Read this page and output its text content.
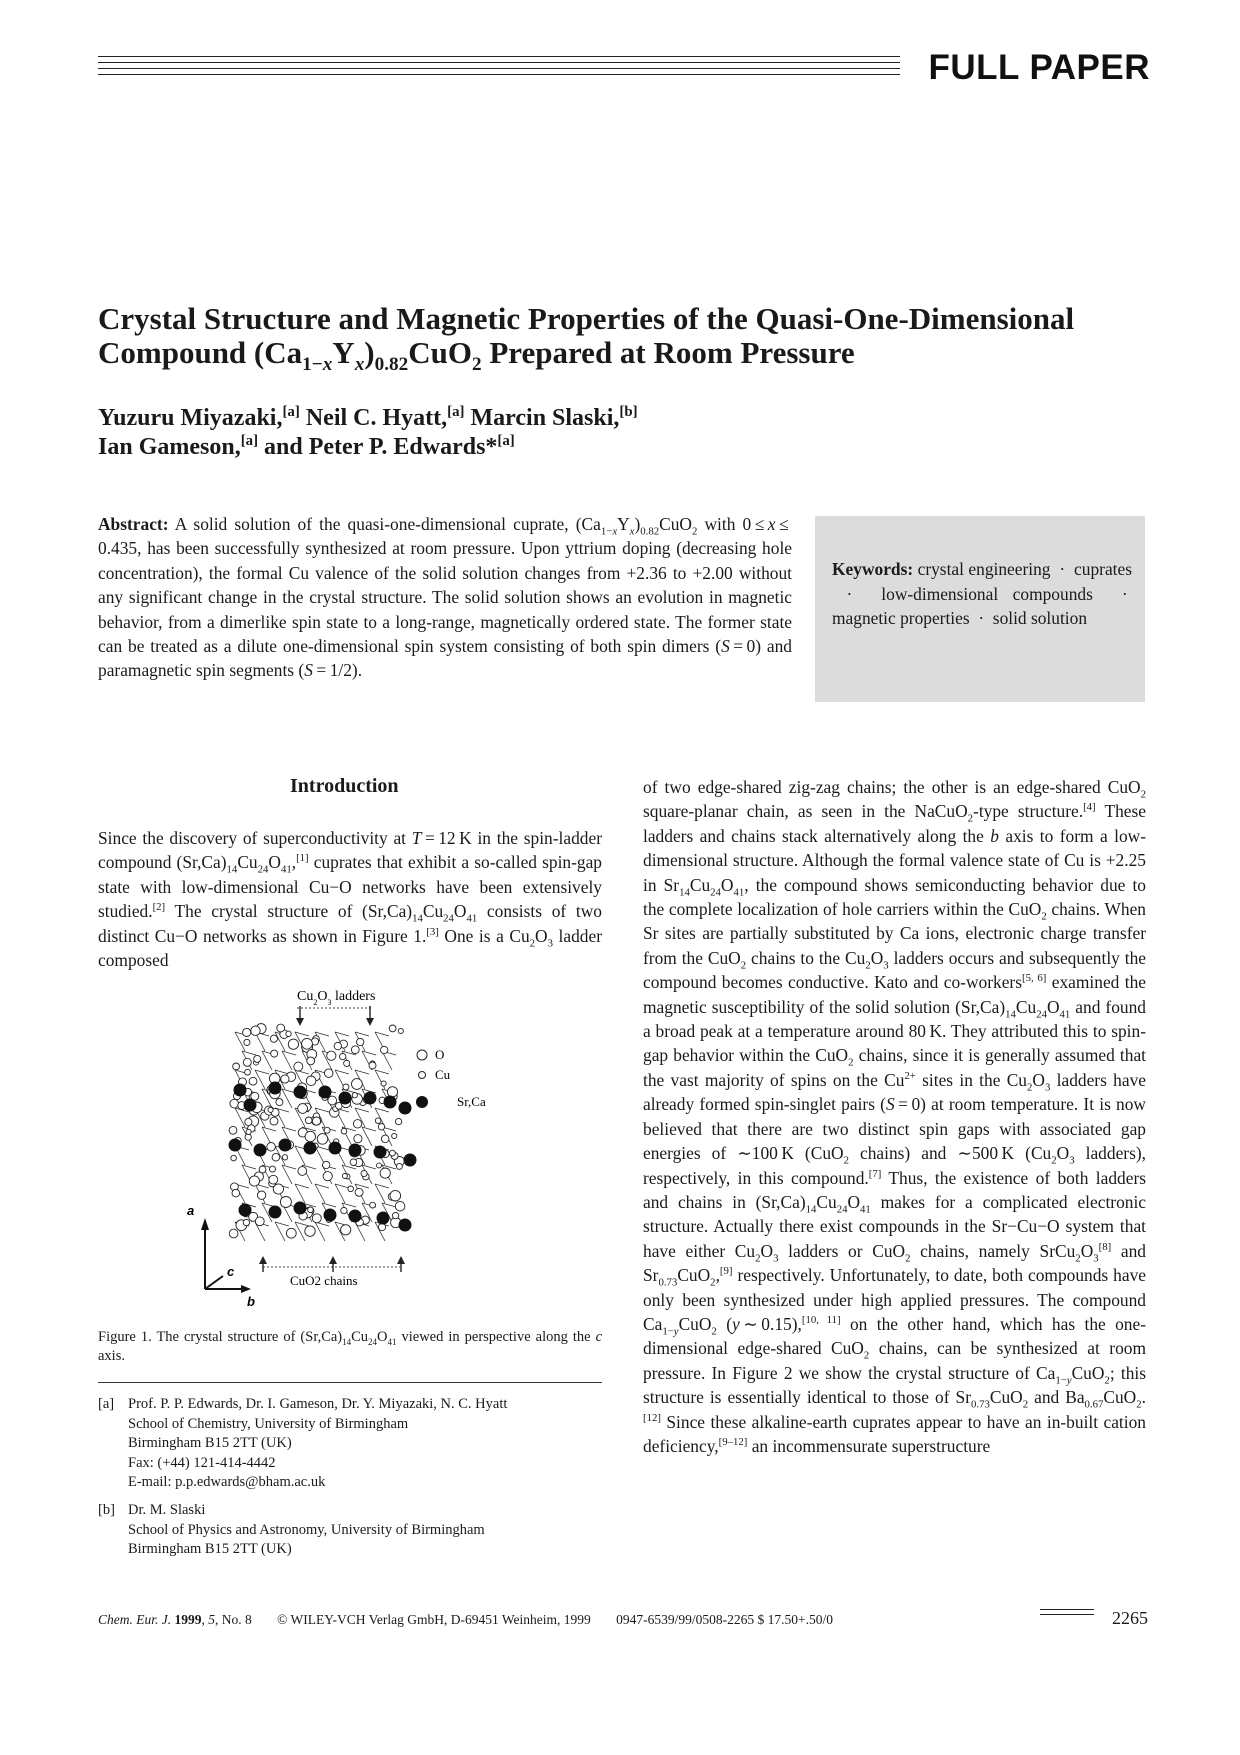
FULL PAPER
Crystal Structure and Magnetic Properties of the Quasi-One-Dimensional Compound $(Ca_{1-x}Y_x)_{0.82}CuO_2$ Prepared at Room Pressure
Yuzuru Miyazaki,[a] Neil C. Hyatt,[a] Marcin Slaski,[b]
Ian Gameson,[a] and Peter P. Edwards*[a]
Abstract: A solid solution of the quasi-one-dimensional cuprate, $(Ca_{1-x}Y_x)_{0.82}CuO_2$ with 0 ≤ x ≤ 0.435, has been successfully synthesized at room pressure. Upon yttrium doping (decreasing hole concentration), the formal Cu valence of the solid solution changes from +2.36 to +2.00 without any significant change in the crystal structure. The solid solution shows an evolution in magnetic behavior, from a dimerlike spin state to a long-range, magnetically ordered state. The former state can be treated as a dilute one-dimensional spin system consisting of both spin dimers (S = 0) and paramagnetic spin segments (S = 1/2).
Keywords: crystal engineering  ·  cuprates  ·  low-dimensional compounds  ·  magnetic properties  ·  solid solution
Introduction
Since the discovery of superconductivity at T = 12 K in the spin-ladder compound $(Sr,Ca)_{14}Cu_{24}O_{41},[1]$ cuprates that exhibit a so-called spin-gap state with low-dimensional Cu−O networks have been extensively studied.[2] The crystal structure of $(Sr,Ca)_{14}Cu_{24}O_{41}$ consists of two distinct Cu−O networks as shown in Figure 1.[3] One is a $Cu_2O_3$ ladder composed
of two edge-shared zig-zag chains; the other is an edge-shared CuO$_2$ square-planar chain, as seen in the NaCuO$_2$-type structure.[4] These ladders and chains stack alternatively along the b axis to form a low-dimensional structure. Although the formal valence state of Cu is +2.25 in $Sr_{14}Cu_{24}O_{41}$, the compound shows semiconducting behavior due to the complete localization of hole carriers within the CuO$_2$ chains. When Sr sites are partially substituted by Ca ions, electronic charge transfer from the CuO$_2$ chains to the $Cu_2O_3$ ladders occurs and subsequently the compound becomes conductive. Kato and co-workers[5, 6] examined the magnetic susceptibility of the solid solution $(Sr,Ca)_{14}Cu_{24}O_{41}$ and found a broad peak at a temperature around 80 K. They attributed this to spin-gap behavior within the CuO$_2$ chains, since it is generally assumed that the vast majority of spins on the $Cu^{2+}$ sites in the $Cu_2O_3$ ladders have already formed spin-singlet pairs (S = 0) at room temperature. It is now believed that there are two distinct spin gaps with associated gap energies of ∼100 K (CuO$_2$ chains) and ∼500 K ($Cu_2O_3$ ladders), respectively, in this compound.[7] Thus, the existence of both ladders and chains in $(Sr,Ca)_{14}Cu_{24}O_{41}$ makes for a complicated electronic structure. Actually there exist compounds in the Sr−Cu−O system that have either $Cu_2O_3$ ladders or CuO$_2$ chains, namely $SrCu_2O_3[8]$ and $Sr_{0.73}CuO_2,[9]$ respectively. Unfortunately, to date, both compounds have only been synthesized under high applied pressures. The compound $Ca_{1-y}CuO_2$ (y ∼ 0.15),[10, 11] on the other hand, which has the one-dimensional edge-shared CuO$_2$ chains, can be synthesized at room pressure. In Figure 2 we show the crystal structure of $Ca_{1-y}CuO_2$; this structure is essentially identical to those of $Sr_{0.73}CuO_2$ and $Ba_{0.67}CuO_2.[12]$ Since these alkaline-earth cuprates appear to have an in-built cation deficiency,[9–12] an incommensurate superstructure
$Cu_2O_3$ ladders
O
Cu
Sr,Ca
a
c
b
CuO2 chains
Figure 1. The crystal structure of $(Sr,Ca)_{14}Cu_{24}O_{41}$ viewed in perspective along the c axis.
[a] Prof. P. P. Edwards, Dr. I. Gameson, Dr. Y. Miyazaki, N. C. Hyatt
School of Chemistry, University of Birmingham
Birmingham B15 2TT (UK)
Fax: (+44) 121-414-4442
E-mail: p.p.edwards@bham.ac.uk
[b] Dr. M. Slaski
School of Physics and Astronomy, University of Birmingham
Birmingham B15 2TT (UK)
Chem. Eur. J. 1999, 5, No. 8 © WILEY-VCH Verlag GmbH, D-69451 Weinheim, 1999 0947-6539/99/0508-2265 $ 17.50+.50/0	2265
